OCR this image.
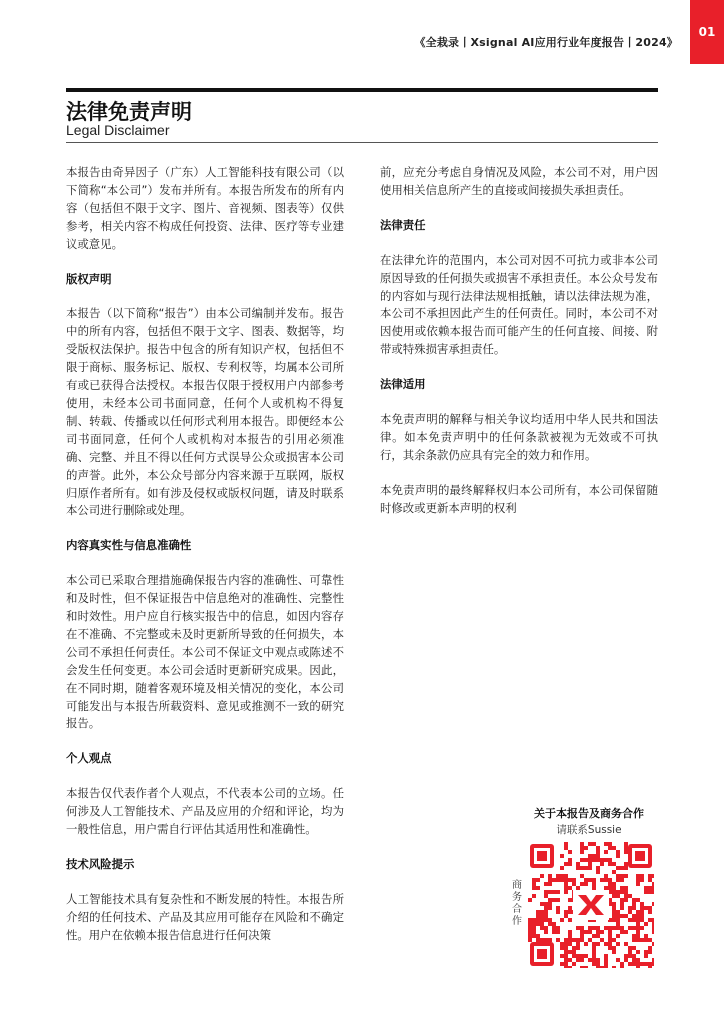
《全栽录丨Xsignal AI应用行业年度报告丨2024》
01
法律免责声明
Legal Disclaimer

本报告由奇异因子（广东）人工智能科技有限公司（以下简称“本公司”）发布并所有。本报告所发布的所有内容（包括但不限于文字、图片、音视频、图表等）仅供参考，相关内容不构成任何投资、法律、医疗等专业建议或意见。

版权声明

本报告（以下简称“报告”）由本公司编制并发布。报告中的所有内容，包括但不限于文字、图表、数据等，均受版权法保护。报告中包含的所有知识产权，包括但不限于商标、服务标记、版权、专利权等，均属本公司所有或已获得合法授权。本报告仅限于授权用户内部参考使用，未经本公司书面同意，任何个人或机构不得复制、转载、传播或以任何形式利用本报告。即便经本公司书面同意，任何个人或机构对本报告的引用必须准确、完整、并且不得以任何方式误导公众或损害本公司的声誉。此外，本公众号部分内容来源于互联网，版权归原作者所有。如有涉及侵权或版权问题，请及时联系本公司进行删除或处理。

内容真实性与信息准确性

本公司已采取合理措施确保报告内容的准确性、可靠性和及时性，但不保证报告中信息绝对的准确性、完整性和时效性。用户应自行核实报告中的信息，如因内容存在不准确、不完整或未及时更新所导致的任何损失，本公司不承担任何责任。本公司不保证文中观点或陈述不会发生任何变更。本公司会适时更新研究成果。因此，在不同时期，随着客观环境及相关情况的变化，本公司可能发出与本报告所载资料、意见或推测不一致的研究报告。

个人观点

本报告仅代表作者个人观点，不代表本公司的立场。任何涉及人工智能技术、产品及应用的介绍和评论，均为一般性信息，用户需自行评估其适用性和准确性。

技术风险提示

人工智能技术具有复杂性和不断发展的特性。本报告所介绍的任何技术、产品及其应用可能存在风险和不确定性。用户在依赖本报告信息进行任何决策

前，应充分考虑自身情况及风险，本公司不对，用户因使用相关信息所产生的直接或间接损失承担责任。

法律责任

在法律允许的范围内，本公司对因不可抗力或非本公司原因导致的任何损失或损害不承担责任。本公众号发布的内容如与现行法律法规相抵触，请以法律法规为准，本公司不承担因此产生的任何责任。同时，本公司不对因使用或依赖本报告而可能产生的任何直接、间接、附带或特殊损害承担责任。

法律适用

本免责声明的解释与相关争议均适用中华人民共和国法律。如本免责声明中的任何条款被视为无效或不可执行，其余条款仍应具有完全的效力和作用。

本免责声明的最终解释权归本公司所有，本公司保留随时修改或更新本声明的权利

关于本报告及商务合作
请联系Sussie
商
务
合
作
